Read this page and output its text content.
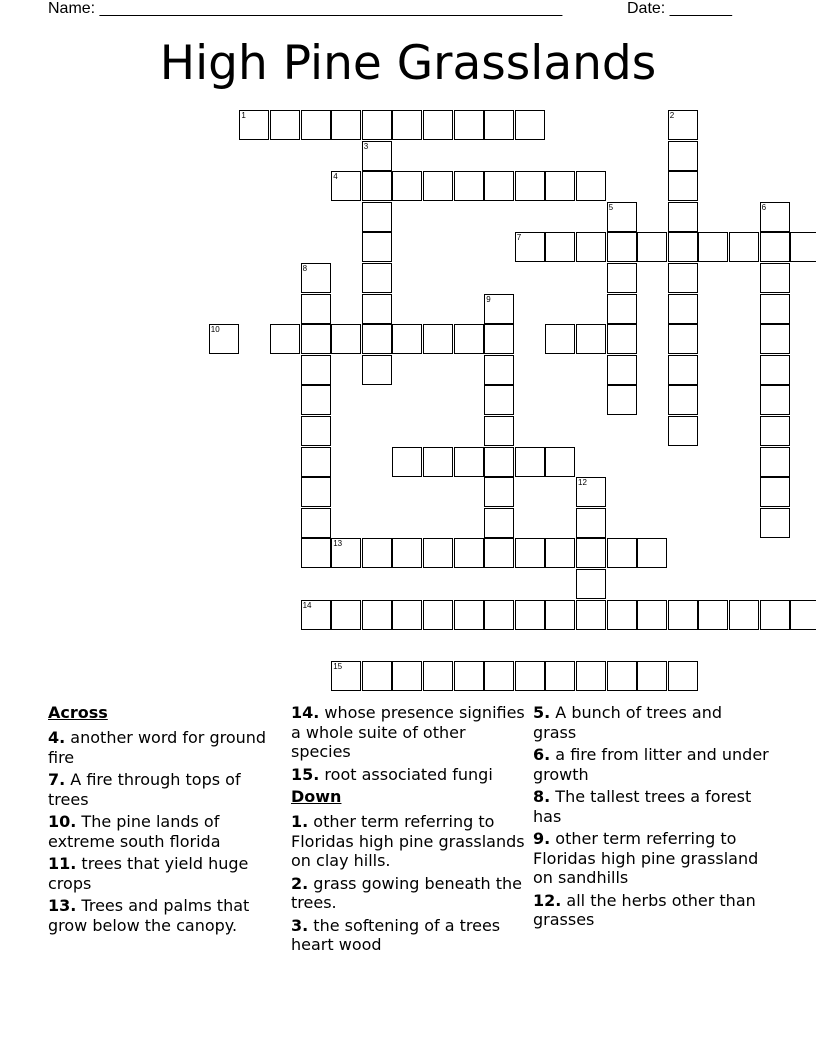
Name: ____________________________________________________	Date: _______
High Pine Grasslands
1	2
3
4
5	6
7
8
10
9
12
13
14
15
Across
4. another word for ground fire
7. A fire through tops of trees
10. The pine lands of extreme south florida
11. trees that yield huge crops
13. Trees and palms that grow below the canopy.
14. whose presence signifies a whole suite of other species
15. root associated fungi
Down
1. other term referring to Floridas high pine grasslands on clay hills.
2. grass gowing beneath the trees.
3. the softening of a trees heart wood
5. A bunch of trees and grass
6. a fire from litter and under growth
8. The tallest trees a forest has
9. other term referring to Floridas high pine grassland on sandhills
12. all the herbs other than grasses
